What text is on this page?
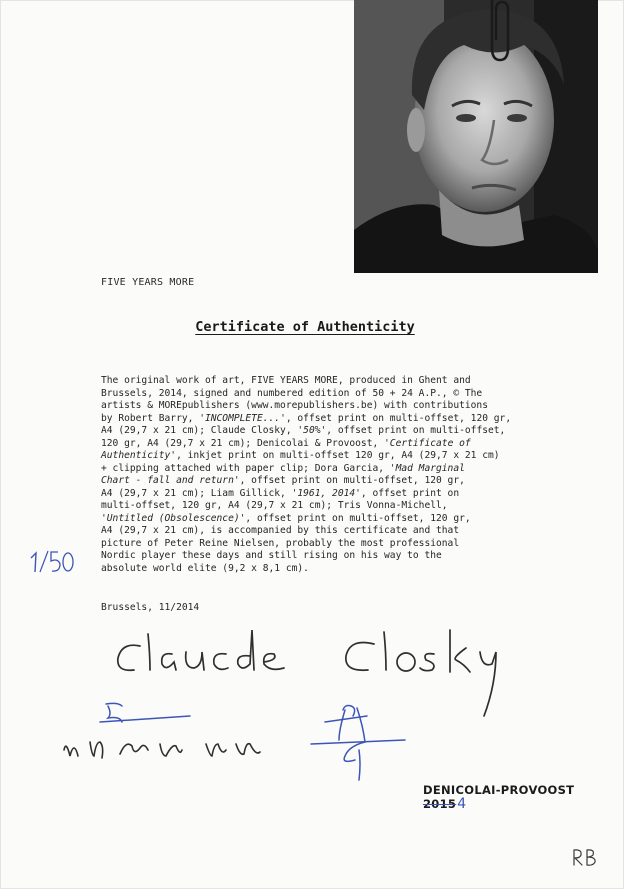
FIVE YEARS MORE
Certificate of Authenticity
The original work of art, FIVE YEARS MORE, produced in Ghent and
Brussels, 2014, signed and numbered edition of 50 + 24 A.P., © The
artists & MOREpublishers (www.morepublishers.be) with contributions
by Robert Barry, 'INCOMPLETE...', offset print on multi-offset, 120 gr,
A4 (29,7 x 21 cm); Claude Closky, '50%', offset print on multi-offset,
120 gr, A4 (29,7 x 21 cm); Denicolai & Provoost, 'Certificate of
Authenticity', inkjet print on multi-offset 120 gr, A4 (29,7 x 21 cm)
+ clipping attached with paper clip; Dora Garcia, 'Mad Marginal
Chart - fall and return', offset print on multi-offset, 120 gr,
A4 (29,7 x 21 cm); Liam Gillick, '1961, 2014', offset print on
multi-offset, 120 gr, A4 (29,7 x 21 cm); Tris Vonna-Michell,
'Untitled (Obsolescence)', offset print on multi-offset, 120 gr,
A4 (29,7 x 21 cm), is accompanied by this certificate and that
picture of Peter Reine Nielsen, probably the most professional
Nordic player these days and still rising on his way to the
absolute world elite (9,2 x 8,1 cm).
Brussels, 11/2014
DENICOLAI-PROVOOST
20154
